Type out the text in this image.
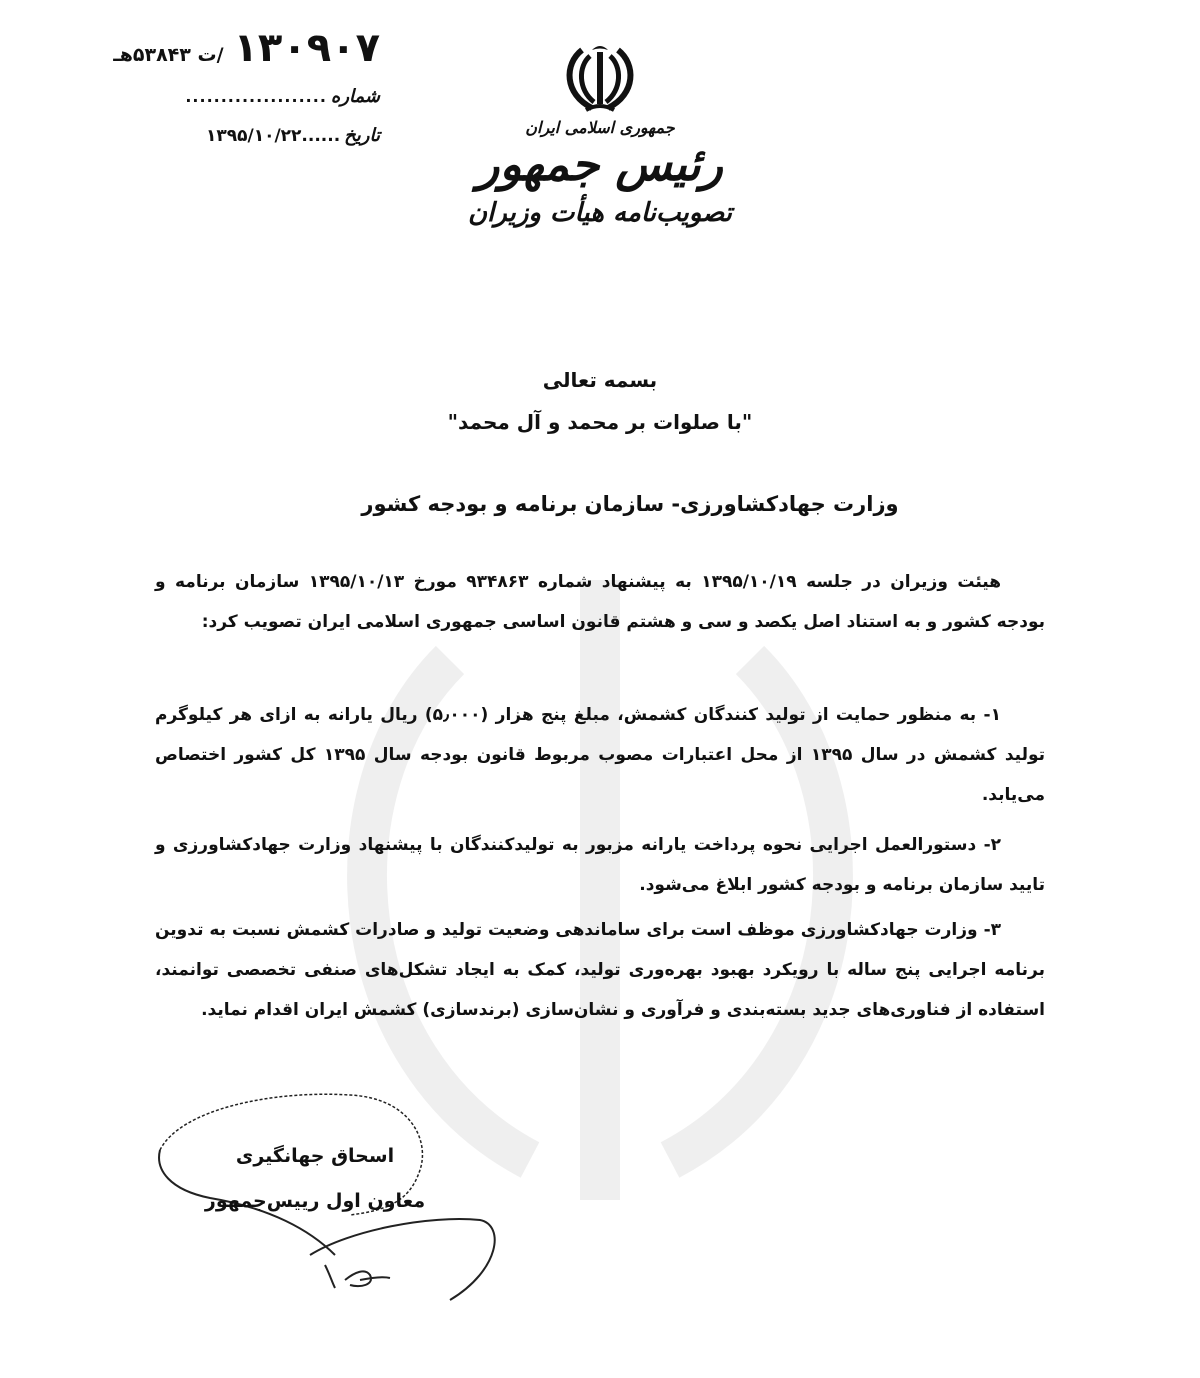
۱۳۰۹۰۷
/ت ۵۳۸۴۳هـ
شماره
....................
تاریخ
......۱۳۹۵/۱۰/۲۲	جمهوری اسلامی ایران
رئیس جمهور
تصویب‌نامه هیأت وزیران
بسمه تعالی
"با صلوات بر محمد و آل محمد"
وزارت جهادکشاورزی- سازمان برنامه و بودجه کشور

هیئت وزیران در جلسه ۱۳۹۵/۱۰/۱۹ به پیشنهاد شماره ۹۳۴۸۶۳ مورخ ۱۳۹۵/۱۰/۱۳ سازمان برنامه و بودجه کشور و به استناد اصل یکصد و سی و هشتم قانون اساسی جمهوری اسلامی ایران تصویب کرد:

۱- به منظور حمایت از تولید کنندگان کشمش، مبلغ پنج هزار (۵٫۰۰۰) ریال یارانه به ازای هر کیلوگرم تولید کشمش در سال ۱۳۹۵ از محل اعتبارات مصوب مربوط قانون بودجه سال ۱۳۹۵ کل کشور اختصاص می‌یابد.

۲- دستورالعمل اجرایی نحوه پرداخت یارانه مزبور به تولیدکنندگان با پیشنهاد وزارت جهادکشاورزی و تایید سازمان برنامه و بودجه کشور ابلاغ می‌شود.

۳- وزارت جهادکشاورزی موظف است برای ساماندهی وضعیت تولید و صادرات کشمش نسبت به تدوین برنامه اجرایی پنج ساله با رویکرد بهبود بهره‌وری تولید، کمک به ایجاد تشکل‌های صنفی تخصصی توانمند، استفاده از فناوری‌های جدید بسته‌بندی و فرآوری و نشان‌سازی (برندسازی) کشمش ایران اقدام نماید.

اسحاق جهانگیری
معاون اول رییس‌جمهور
